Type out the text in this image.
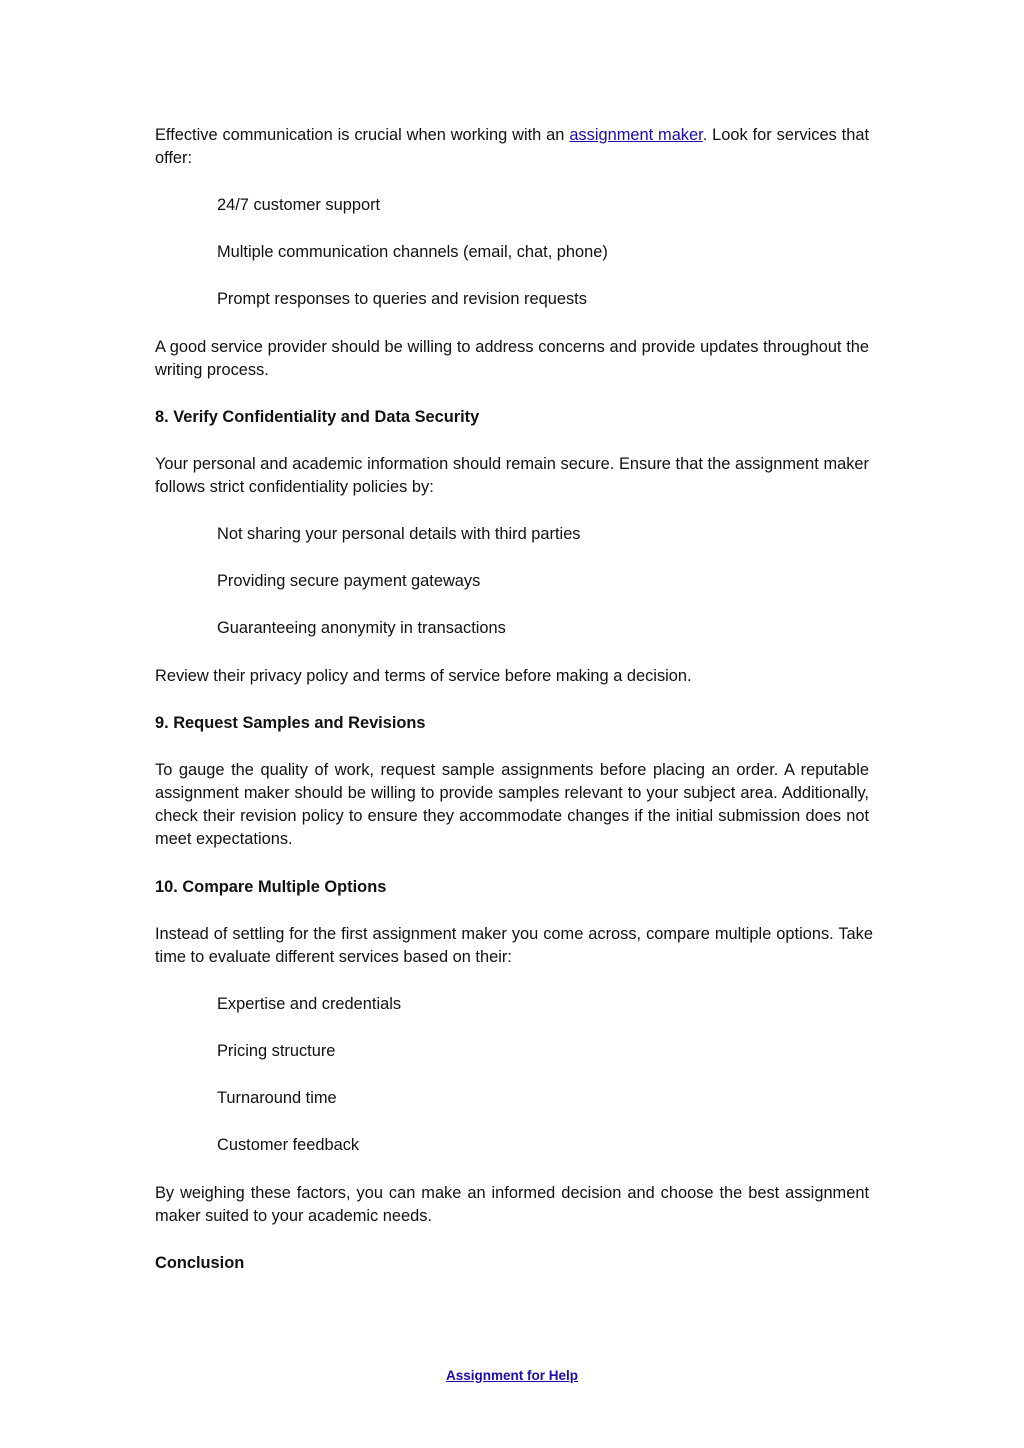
Effective communication is crucial when working with an assignment maker. Look for services that offer:

24/7 customer support
Multiple communication channels (email, chat, phone)
Prompt responses to queries and revision requests

A good service provider should be willing to address concerns and provide updates throughout the writing process.

8. Verify Confidentiality and Data Security

Your personal and academic information should remain secure. Ensure that the assignment maker follows strict confidentiality policies by:

Not sharing your personal details with third parties
Providing secure payment gateways
Guaranteeing anonymity in transactions

Review their privacy policy and terms of service before making a decision.

9. Request Samples and Revisions

To gauge the quality of work, request sample assignments before placing an order. A reputable assignment maker should be willing to provide samples relevant to your subject area. Additionally, check their revision policy to ensure they accommodate changes if the initial submission does not meet expectations.

10. Compare Multiple Options

Instead of settling for the first assignment maker you come across, compare multiple options. Take time to evaluate different services based on their:

Expertise and credentials
Pricing structure
Turnaround time
Customer feedback

By weighing these factors, you can make an informed decision and choose the best assignment maker suited to your academic needs.

Conclusion
Assignment for Help
